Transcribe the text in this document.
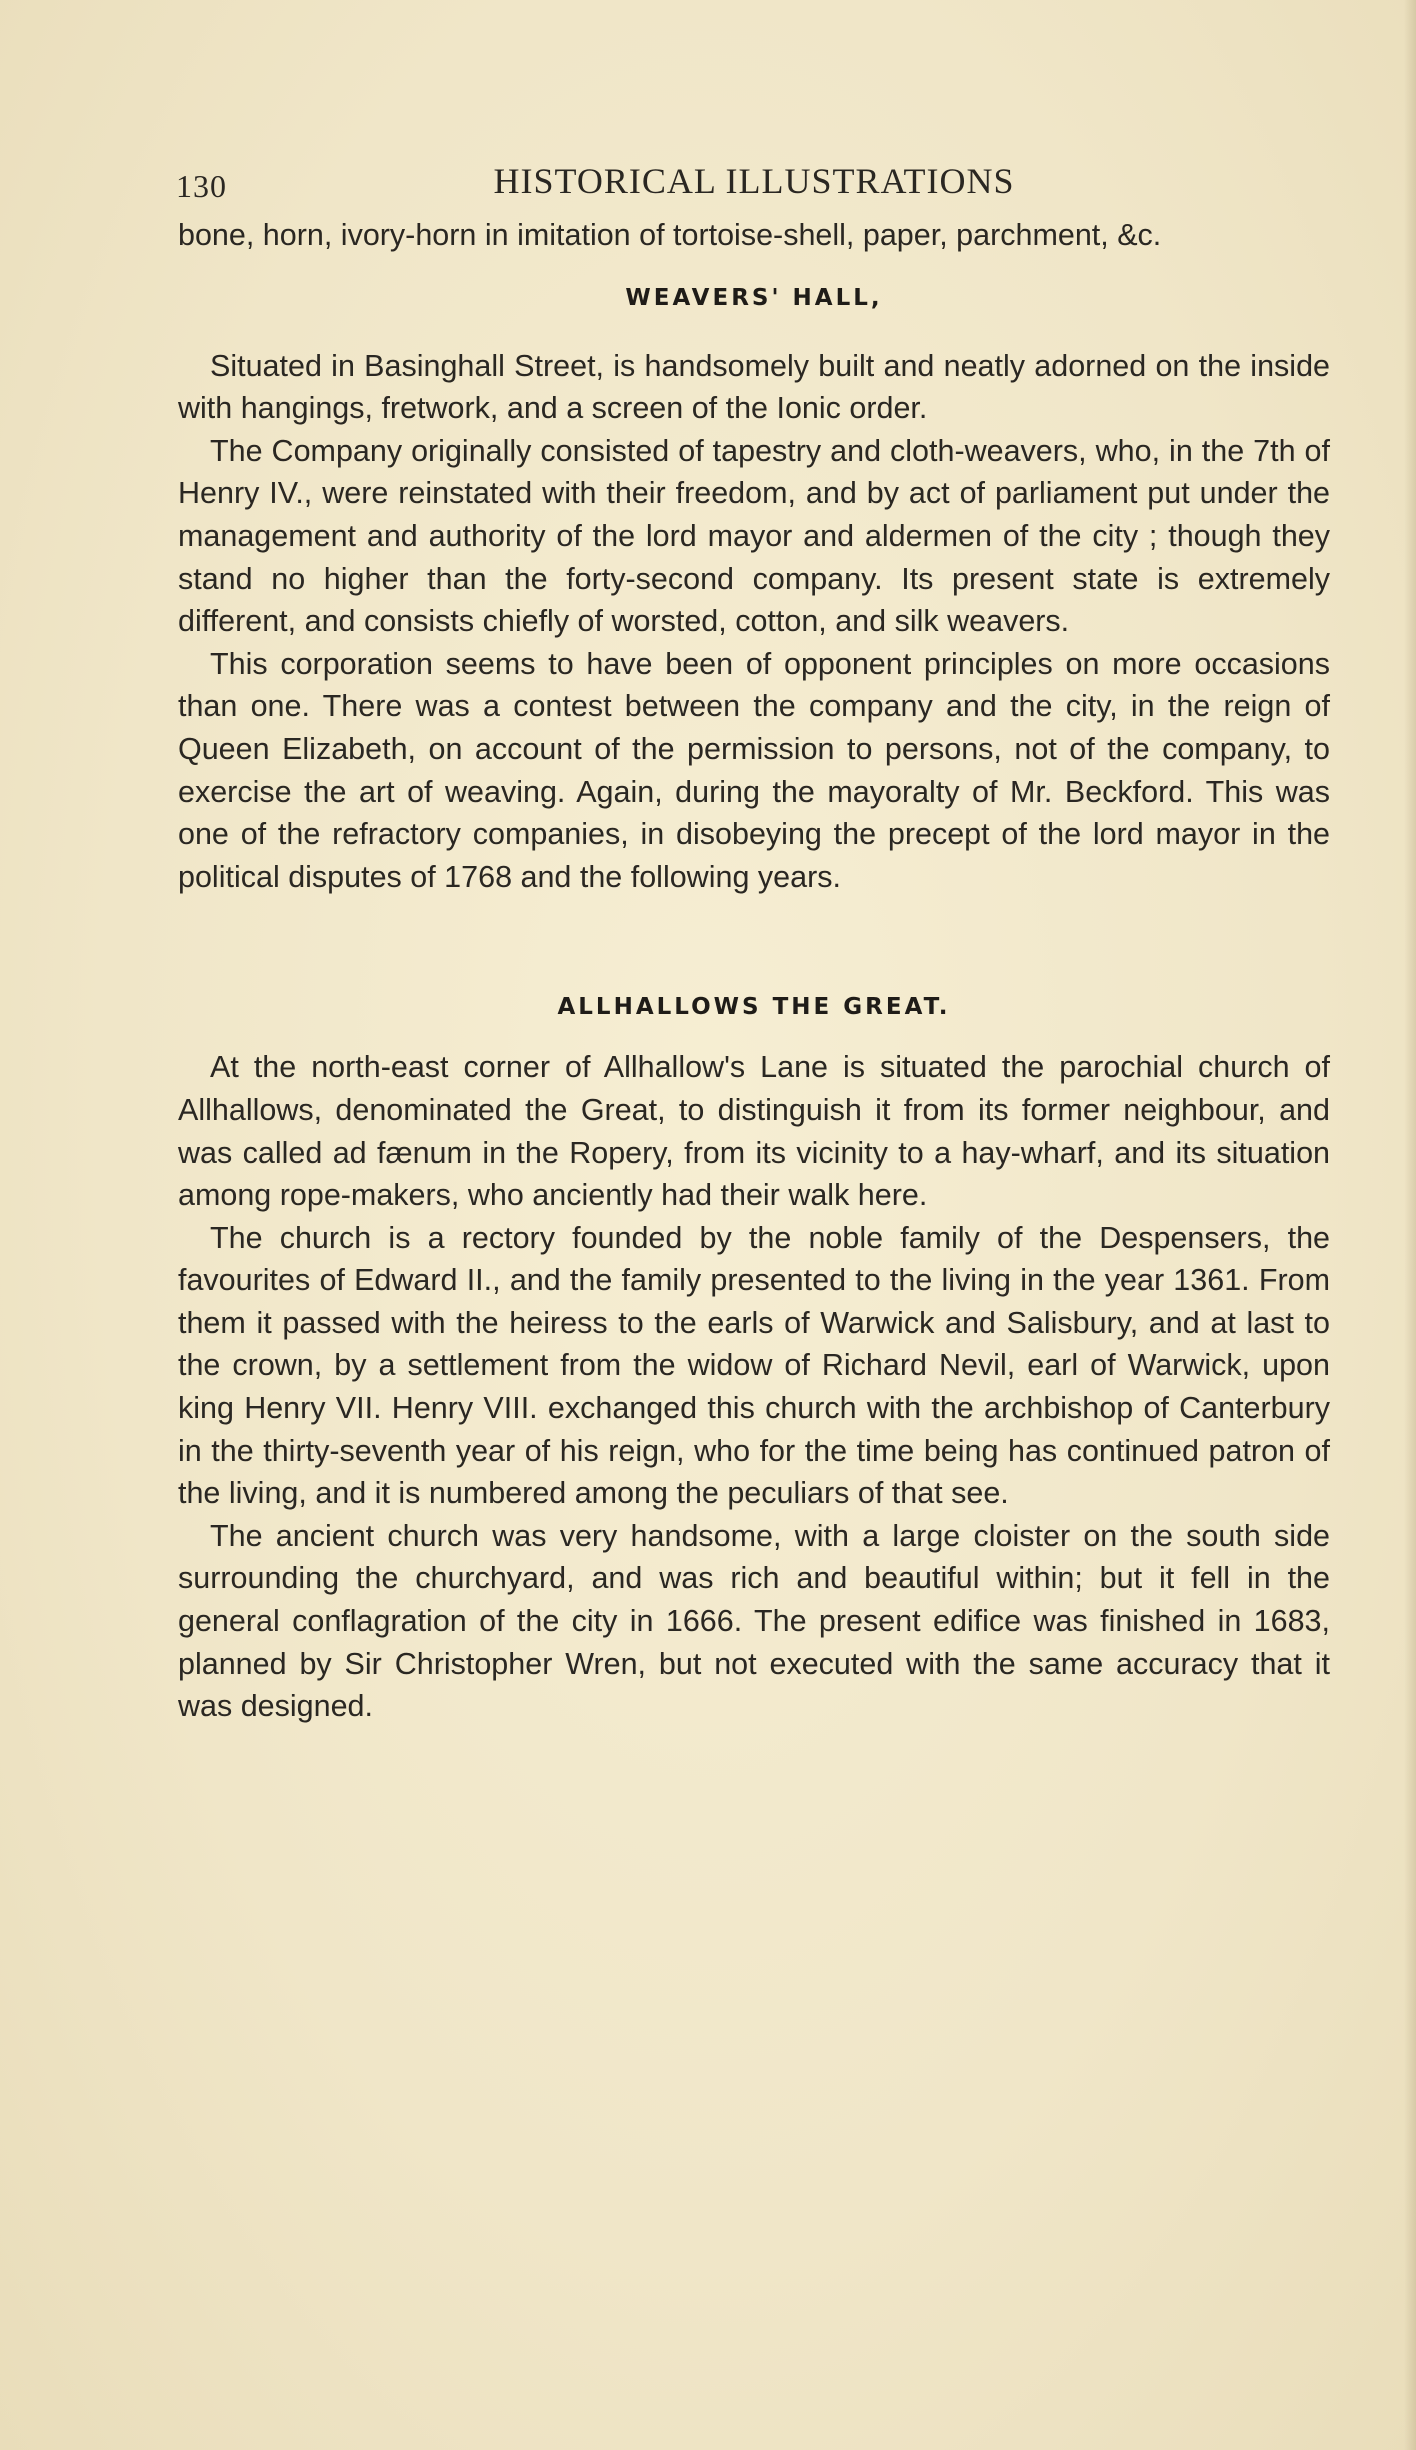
130	HISTORICAL ILLUSTRATIONS

bone, horn, ivory-horn in imitation of tortoise-shell, paper, parchment, &c.

WEAVERS' HALL,

Situated in Basinghall Street, is handsomely built and neatly adorned on the inside with hangings, fretwork, and a screen of the Ionic order.

The Company originally consisted of tapestry and cloth-weavers, who, in the 7th of Henry IV., were reinstated with their freedom, and by act of parliament put under the management and authority of the lord mayor and aldermen of the city ; though they stand no higher than the forty-second company. Its present state is extremely different, and consists chiefly of worsted, cotton, and silk weavers.

This corporation seems to have been of opponent principles on more occasions than one. There was a contest between the company and the city, in the reign of Queen Elizabeth, on account of the permission to persons, not of the company, to exercise the art of weaving. Again, during the mayoralty of Mr. Beckford. This was one of the refractory companies, in disobeying the precept of the lord mayor in the political disputes of 1768 and the following years.

ALLHALLOWS THE GREAT.

At the north-east corner of Allhallow's Lane is situated the parochial church of Allhallows, denominated the Great, to distinguish it from its former neighbour, and was called ad fænum in the Ropery, from its vicinity to a hay-wharf, and its situation among rope-makers, who anciently had their walk here.

The church is a rectory founded by the noble family of the Despensers, the favourites of Edward II., and the family presented to the living in the year 1361. From them it passed with the heiress to the earls of Warwick and Salisbury, and at last to the crown, by a settlement from the widow of Richard Nevil, earl of Warwick, upon king Henry VII. Henry VIII. exchanged this church with the archbishop of Canterbury in the thirty-seventh year of his reign, who for the time being has continued patron of the living, and it is numbered among the peculiars of that see.

The ancient church was very handsome, with a large cloister on the south side surrounding the churchyard, and was rich and beautiful within; but it fell in the general conflagration of the city in 1666. The present edifice was finished in 1683, planned by Sir Christopher Wren, but not executed with the same accuracy that it was designed.
